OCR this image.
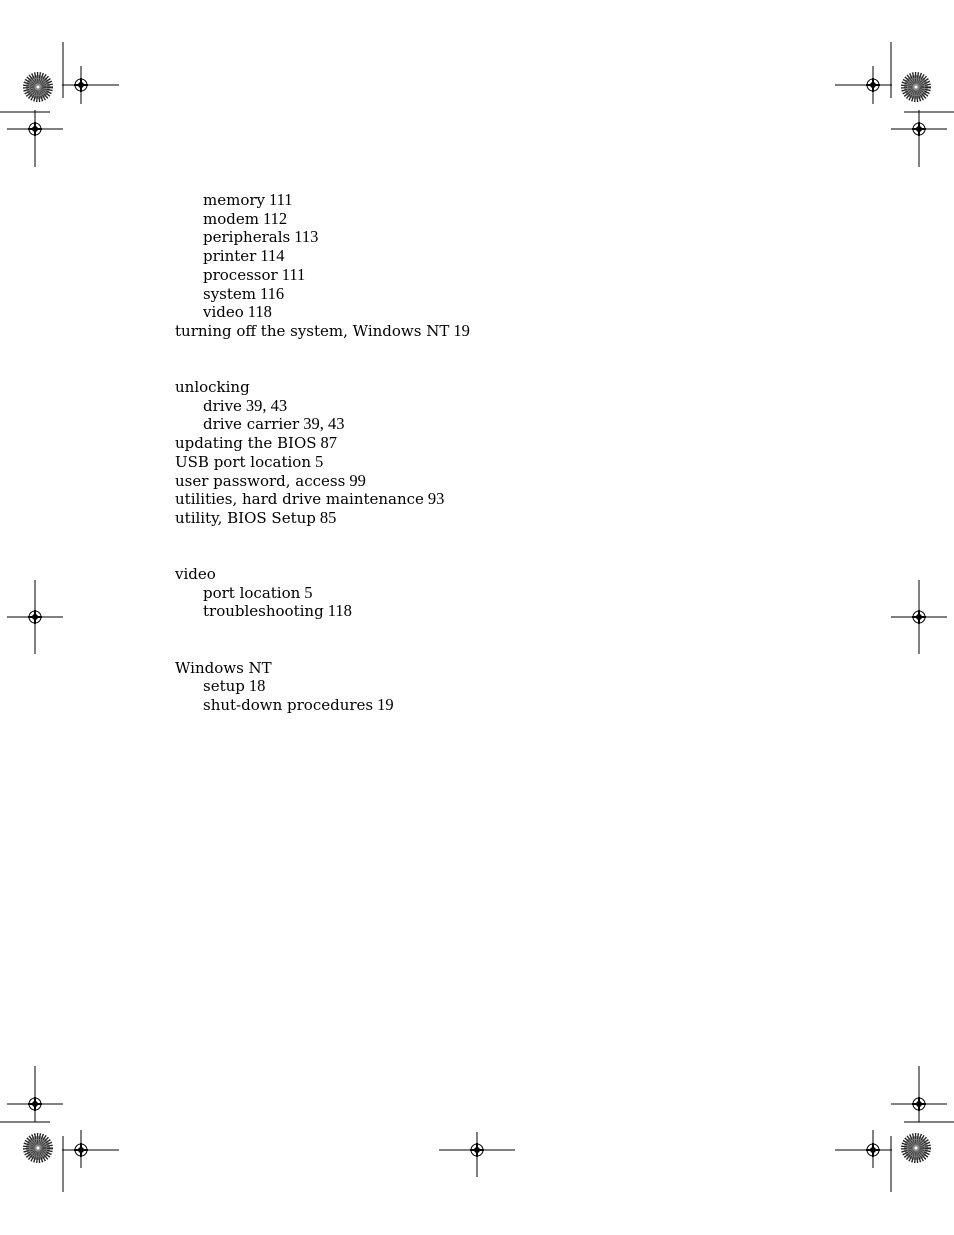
memory 111
modem 112
peripherals 113
printer 114
processor 111
system 116
video 118
turning off the system, Windows NT 19
unlocking
drive 39, 43
drive carrier 39, 43
updating the BIOS 87
USB port location 5
user password, access 99
utilities, hard drive maintenance 93
utility, BIOS Setup 85
video
port location 5
troubleshooting 118
Windows NT
setup 18
shut-down procedures 19
